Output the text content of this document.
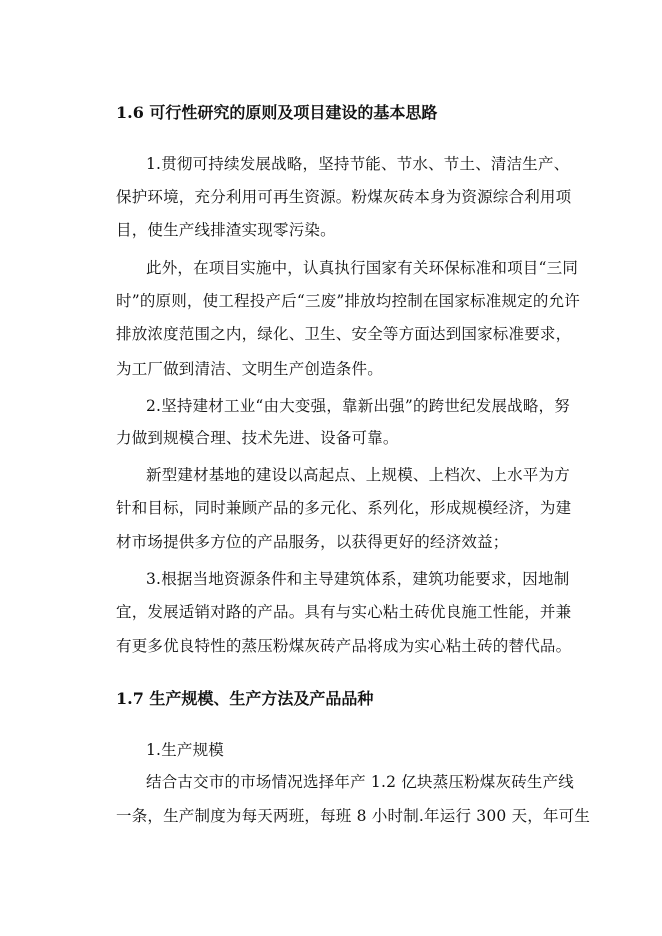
1.6 可行性研究的原则及项目建设的基本思路
1.贯彻可持续发展战略，坚持节能、节水、节土、清洁生产、
保护环境，充分利用可再生资源。粉煤灰砖本身为资源综合利用项
目，使生产线排渣实现零污染。
此外，在项目实施中，认真执行国家有关环保标准和项目“三同
时”的原则，使工程投产后“三废”排放均控制在国家标准规定的允许
排放浓度范围之内，绿化、卫生、安全等方面达到国家标准要求，
为工厂做到清洁、文明生产创造条件。
2.坚持建材工业“由大变强，靠新出强”的跨世纪发展战略，努
力做到规模合理、技术先进、设备可靠。
新型建材基地的建设以高起点、上规模、上档次、上水平为方
针和目标，同时兼顾产品的多元化、系列化，形成规模经济，为建
材市场提供多方位的产品服务，以获得更好的经济效益；
3.根据当地资源条件和主导建筑体系，建筑功能要求，因地制
宜，发展适销对路的产品。具有与实心粘土砖优良施工性能，并兼
有更多优良特性的蒸压粉煤灰砖产品将成为实心粘土砖的替代品。
1.7 生产规模、生产方法及产品品种
1.生产规模
结合古交市的市场情况选择年产 1.2 亿块蒸压粉煤灰砖生产线
一条，生产制度为每天两班，每班 8 小时制.年运行 300 天，年可生
